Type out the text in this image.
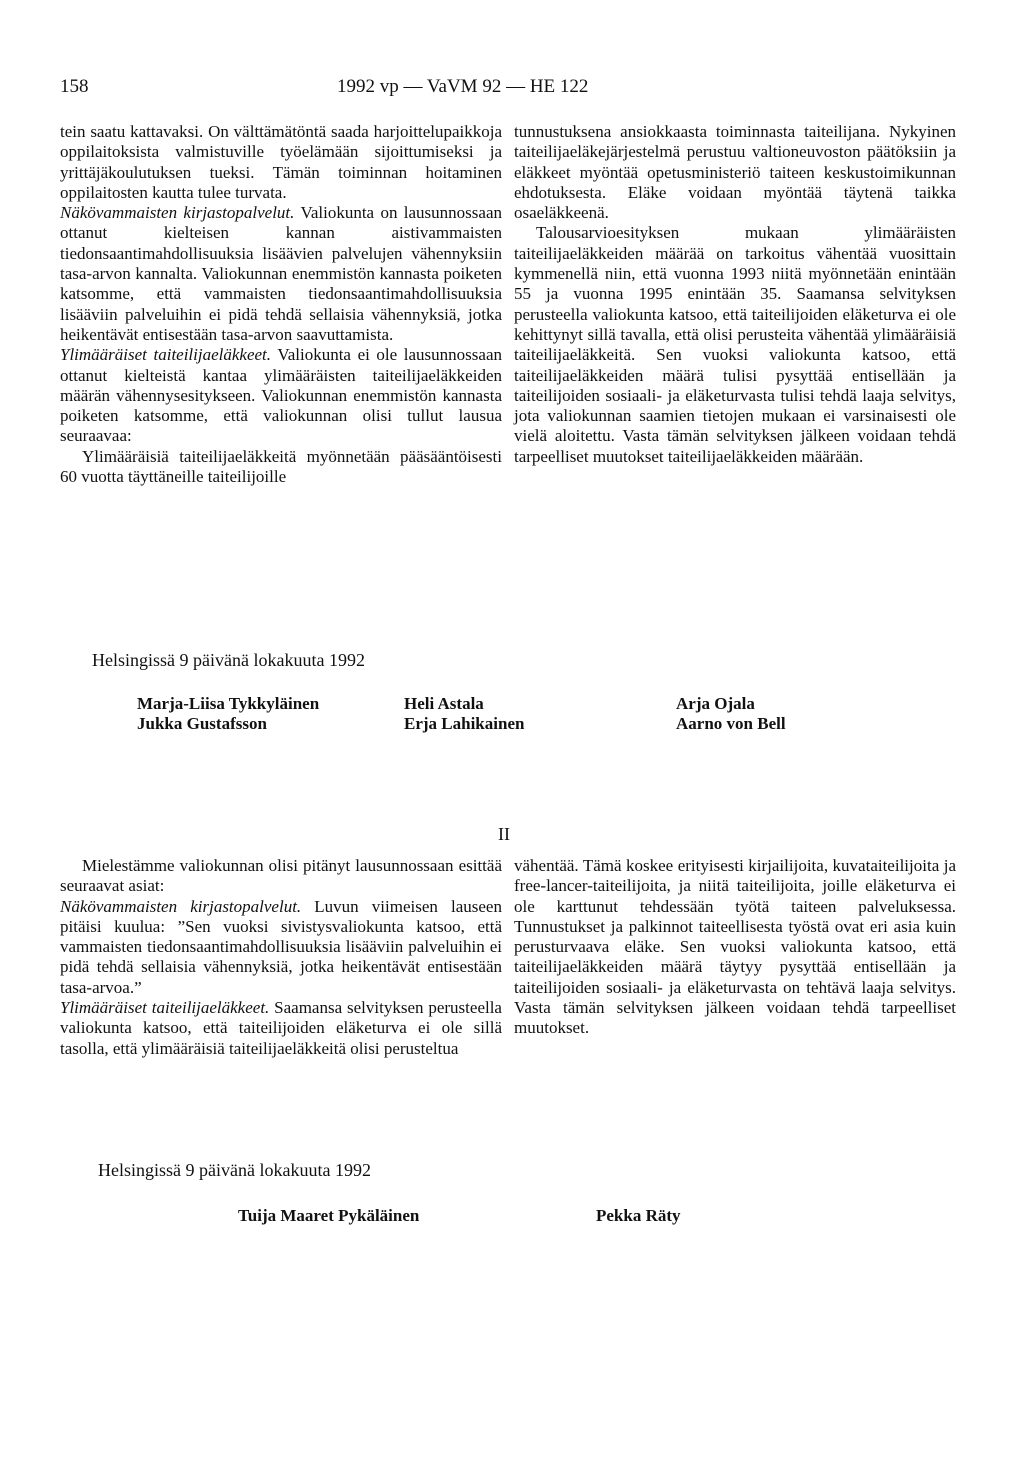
158	1992 vp — VaVM 92 — HE 122

tein saatu kattavaksi. On välttämätöntä saada harjoittelupaikkoja oppilaitoksista valmistuville työelämään sijoittumiseksi ja yrittäjäkoulutuksen tueksi. Tämän toiminnan hoitaminen oppilaitosten kautta tulee turvata.

Näkövammaisten kirjastopalvelut. Valiokunta on lausunnossaan ottanut kielteisen kannan aistivammaisten tiedonsaantimahdollisuuksia lisäävien palvelujen vähennyksiin tasa-arvon kannalta. Valiokunnan enemmistön kannasta poiketen katsomme, että vammaisten tiedonsaantimahdollisuuksia lisääviin palveluihin ei pidä tehdä sellaisia vähennyksiä, jotka heikentävät entisestään tasa-arvon saavuttamista.

Ylimääräiset taiteilijaeläkkeet. Valiokunta ei ole lausunnossaan ottanut kielteistä kantaa ylimääräisten taiteilijaeläkkeiden määrän vähennysesitykseen. Valiokunnan enemmistön kannasta poiketen katsomme, että valiokunnan olisi tullut lausua seuraavaa:

Ylimääräisiä taiteilijaeläkkeitä myönnetään pääsääntöisesti 60 vuotta täyttäneille taiteilijoille

tunnustuksena ansiokkaasta toiminnasta taiteilijana. Nykyinen taiteilijaeläkejärjestelmä perustuu valtioneuvoston päätöksiin ja eläkkeet myöntää opetusministeriö taiteen keskustoimikunnan ehdotuksesta. Eläke voidaan myöntää täytenä taikka osaeläkkeenä.

Talousarvioesityksen mukaan ylimääräisten taiteilijaeläkkeiden määrää on tarkoitus vähentää vuosittain kymmenellä niin, että vuonna 1993 niitä myönnetään enintään 55 ja vuonna 1995 enintään 35. Saamansa selvityksen perusteella valiokunta katsoo, että taiteilijoiden eläketurva ei ole kehittynyt sillä tavalla, että olisi perusteita vähentää ylimääräisiä taiteilijaeläkkeitä. Sen vuoksi valiokunta katsoo, että taiteilijaeläkkeiden määrä tulisi pysyttää entisellään ja taiteilijoiden sosiaali- ja eläketurvasta tulisi tehdä laaja selvitys, jota valiokunnan saamien tietojen mukaan ei varsinaisesti ole vielä aloitettu. Vasta tämän selvityksen jälkeen voidaan tehdä tarpeelliset muutokset taiteilijaeläkkeiden määrään.

Helsingissä 9 päivänä lokakuuta 1992
Marja-Liisa Tykkyläinen
Jukka Gustafsson
Heli Astala
Erja Lahikainen
Arja Ojala
Aarno von Bell
II

Mielestämme valiokunnan olisi pitänyt lausunnossaan esittää seuraavat asiat:

Näkövammaisten kirjastopalvelut. Luvun viimeisen lauseen pitäisi kuulua: ”Sen vuoksi sivistysvaliokunta katsoo, että vammaisten tiedonsaantimahdollisuuksia lisääviin palveluihin ei pidä tehdä sellaisia vähennyksiä, jotka heikentävät entisestään tasa-arvoa.”

Ylimääräiset taiteilijaeläkkeet. Saamansa selvityksen perusteella valiokunta katsoo, että taiteilijoiden eläketurva ei ole sillä tasolla, että ylimääräisiä taiteilijaeläkkeitä olisi perusteltua

vähentää. Tämä koskee erityisesti kirjailijoita, kuvataiteilijoita ja free-lancer-taiteilijoita, ja niitä taiteilijoita, joille eläketurva ei ole karttunut tehdessään työtä taiteen palveluksessa. Tunnustukset ja palkinnot taiteellisesta työstä ovat eri asia kuin perusturvaava eläke. Sen vuoksi valiokunta katsoo, että taiteilijaeläkkeiden määrä täytyy pysyttää entisellään ja taiteilijoiden sosiaali- ja eläketurvasta on tehtävä laaja selvitys. Vasta tämän selvityksen jälkeen voidaan tehdä tarpeelliset muutokset.

Helsingissä 9 päivänä lokakuuta 1992
Tuija Maaret Pykäläinen	Pekka Räty
